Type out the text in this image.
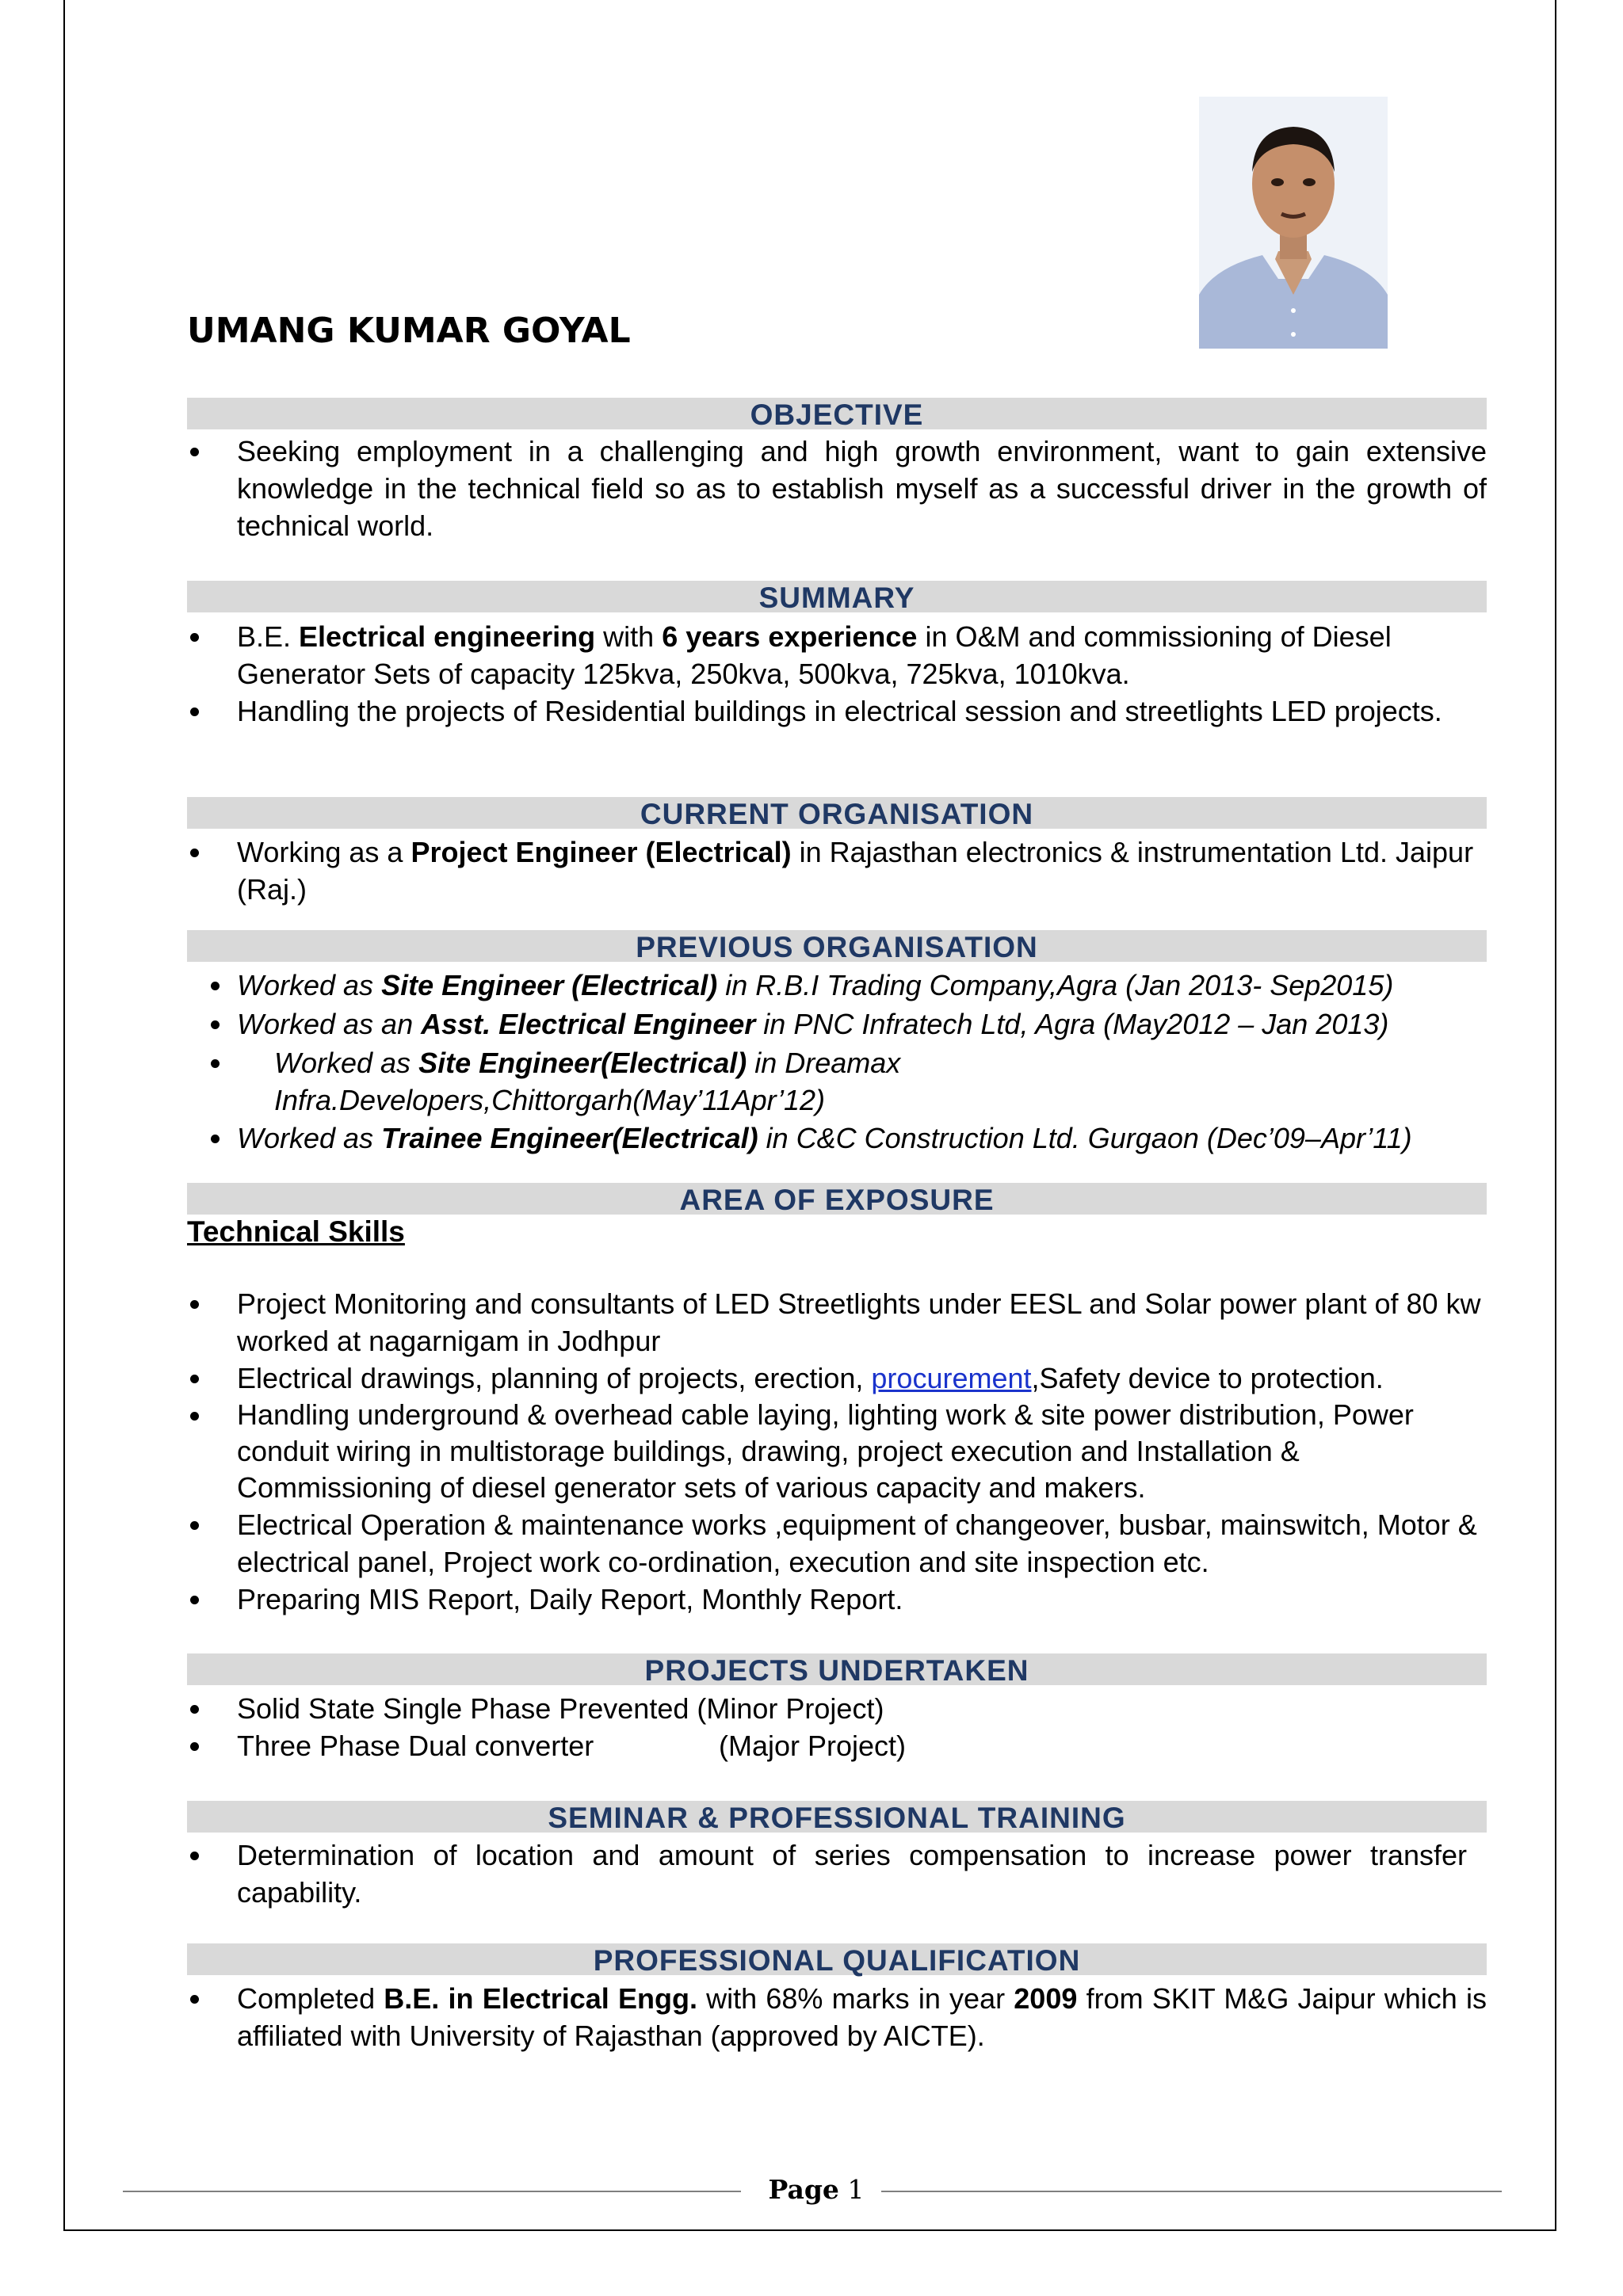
UMANG KUMAR GOYAL
OBJECTIVE
Seeking employment in a challenging and high growth environment, want to gain extensive knowledge in the technical field so as to establish myself as a successful driver in the growth of technical world.
SUMMARY
B.E. Electrical engineering with 6 years experience in O&M and commissioning of Diesel Generator Sets of capacity 125kva, 250kva, 500kva, 725kva, 1010kva.
Handling the projects of Residential buildings in electrical session and streetlights LED projects.
CURRENT ORGANISATION
Working as a Project Engineer (Electrical) in Rajasthan electronics & instrumentation Ltd. Jaipur (Raj.)
PREVIOUS ORGANISATION
Worked as Site Engineer (Electrical) in R.B.I Trading Company,Agra (Jan 2013- Sep2015)
Worked as an Asst. Electrical Engineer in PNC Infratech Ltd, Agra (May2012 – Jan 2013)
Worked as Site Engineer(Electrical) in Dreamax Infra.Developers,Chittorgarh(May’11Apr’12)
Worked as Trainee Engineer(Electrical) in C&C Construction Ltd. Gurgaon (Dec’09–Apr’11)
AREA OF EXPOSURE
Technical Skills
Project Monitoring and consultants of LED Streetlights under EESL and Solar power plant of 80 kw worked at nagarnigam in Jodhpur
Electrical drawings, planning of projects, erection, procurement,Safety device to protection.
Handling underground & overhead cable laying, lighting work & site power distribution, Power conduit wiring in multistorage buildings, drawing, project execution and Installation & Commissioning of diesel generator sets of various capacity and makers.
Electrical Operation & maintenance works ,equipment of changeover, busbar, mainswitch, Motor & electrical panel, Project work co-ordination, execution and site inspection etc.
Preparing MIS Report, Daily Report, Monthly Report.
PROJECTS UNDERTAKEN
Solid State Single Phase Prevented (Minor Project)
Three Phase Dual converter	(Major Project)
SEMINAR & PROFESSIONAL TRAINING
Determination of location and amount of series compensation to increase power transfer capability.
PROFESSIONAL QUALIFICATION
Completed B.E. in Electrical Engg. with 68% marks in year 2009 from SKIT M&G Jaipur which is affiliated with University of Rajasthan (approved by AICTE).
Page 1
